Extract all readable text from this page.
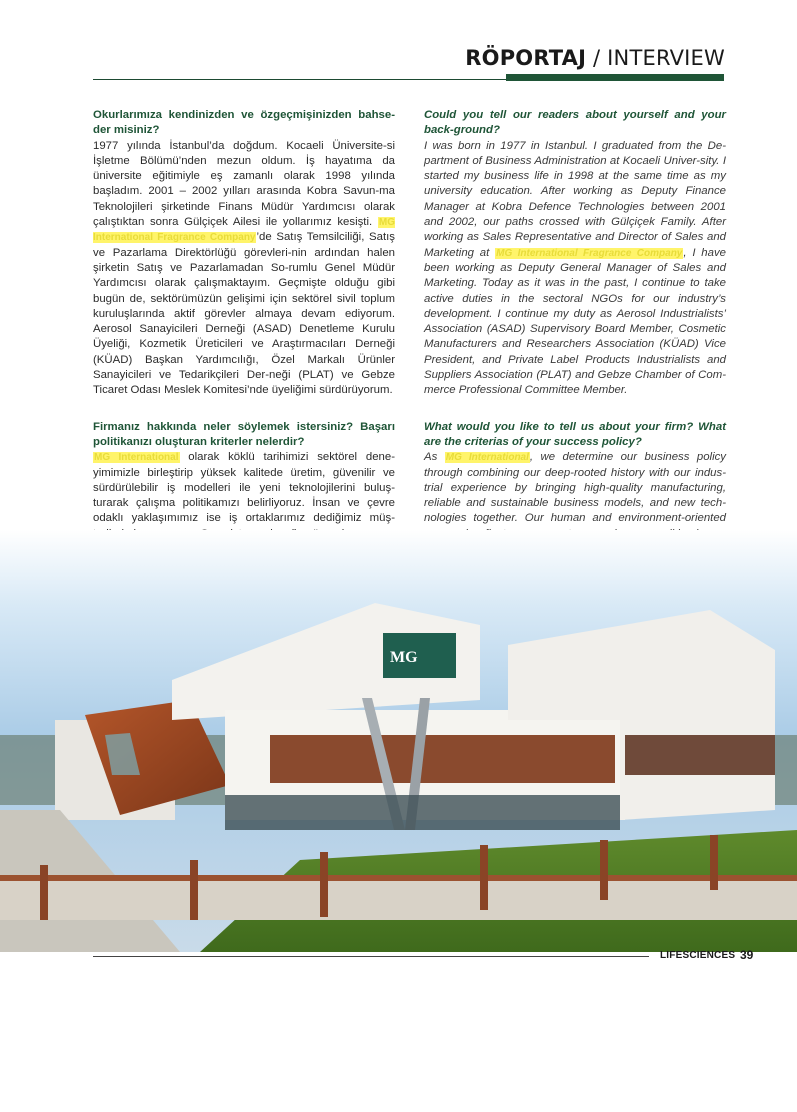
RÖPORTAJ / INTERVIEW

Okurlarımıza kendinizden ve özgeçmişinizden bahse-der misiniz?

1977 yılında İstanbul’da doğdum. Kocaeli Üniversite-si İşletme Bölümü’nden mezun oldum. İş hayatıma da üniversite eğitimiyle eş zamanlı olarak 1998 yılında başladım. 2001 – 2002 yılları arasında Kobra Savun-ma Teknolojileri şirketinde Finans Müdür Yardımcısı olarak çalıştıktan sonra Gülçiçek Ailesi ile yollarımız kesişti. MG International Fragrance Company’de Satış Temsilciliği, Satış ve Pazarlama Direktörlüğü görevleri-nin ardından halen şirketin Satış ve Pazarlamadan So-rumlu Genel Müdür Yardımcısı olarak çalışmaktayım. Geçmişte olduğu gibi bugün de, sektörümüzün gelişimi için sektörel sivil toplum kuruluşlarında aktif görevler almaya devam ediyorum. Aerosol Sanayicileri Derneği (ASAD) Denetleme Kurulu Üyeliği, Kozmetik Üreticileri ve Araştırmacıları Derneği (KÜAD) Başkan Yardımcılığı, Özel Markalı Ürünler Sanayicileri ve Tedarikçileri Der-neği (PLAT) ve Gebze Ticaret Odası Meslek Komitesi’nde üyeliğimi sürdürüyorum.

Firmanız hakkında neler söylemek istersiniz? Başarı politikanızı oluşturan kriterler nelerdir?

MG International olarak köklü tarihimizi sektörel dene-yimimizle birleştirip yüksek kalitede üretim, güvenilir ve sürdürülebilir iş modelleri ile yeni teknolojilerini buluş-turarak çalışma politikamızı belirliyoruz. İnsan ve çevre odaklı yaklaşımımız ise iş ortaklarımız dediğimiz müş-

Could you tell our readers about yourself and your back-ground?

I was born in 1977 in Istanbul. I graduated from the De-partment of Business Administration at Kocaeli Univer-sity. I started my business life in 1998 at the same time as my university education. After working as Deputy Finance Manager at Kobra Defence Technologies between 2001 and 2002, our paths crossed with Gülçiçek Family. After working as Sales Representative and Director of Sales and Marketing at MG International Fragrance Company, I have been working as Deputy General Manager of Sales and Marketing. Today as it was in the past, I continue to take active duties in the sectoral NGOs for our industry’s development. I continue my duty as Aerosol Industrialists’ Association (ASAD) Supervisory Board Member, Cosmetic Manufacturers and Researchers Association (KÜAD) Vice President, and Private Label Products Industrialists and Suppliers Association (PLAT) and Gebze Chamber of Com-merce Professional Committee Member.

What would you like to tell us about your firm? What are the criterias of your success policy?

As MG International, we determine our business policy through combining our deep-rooted history with our indus-trial experience by bringing high-quality manufacturing, reliable and sustainable business models, and new tech-nologies together. Our human and environment-oriented

MG
LIFESCIENCES 39
